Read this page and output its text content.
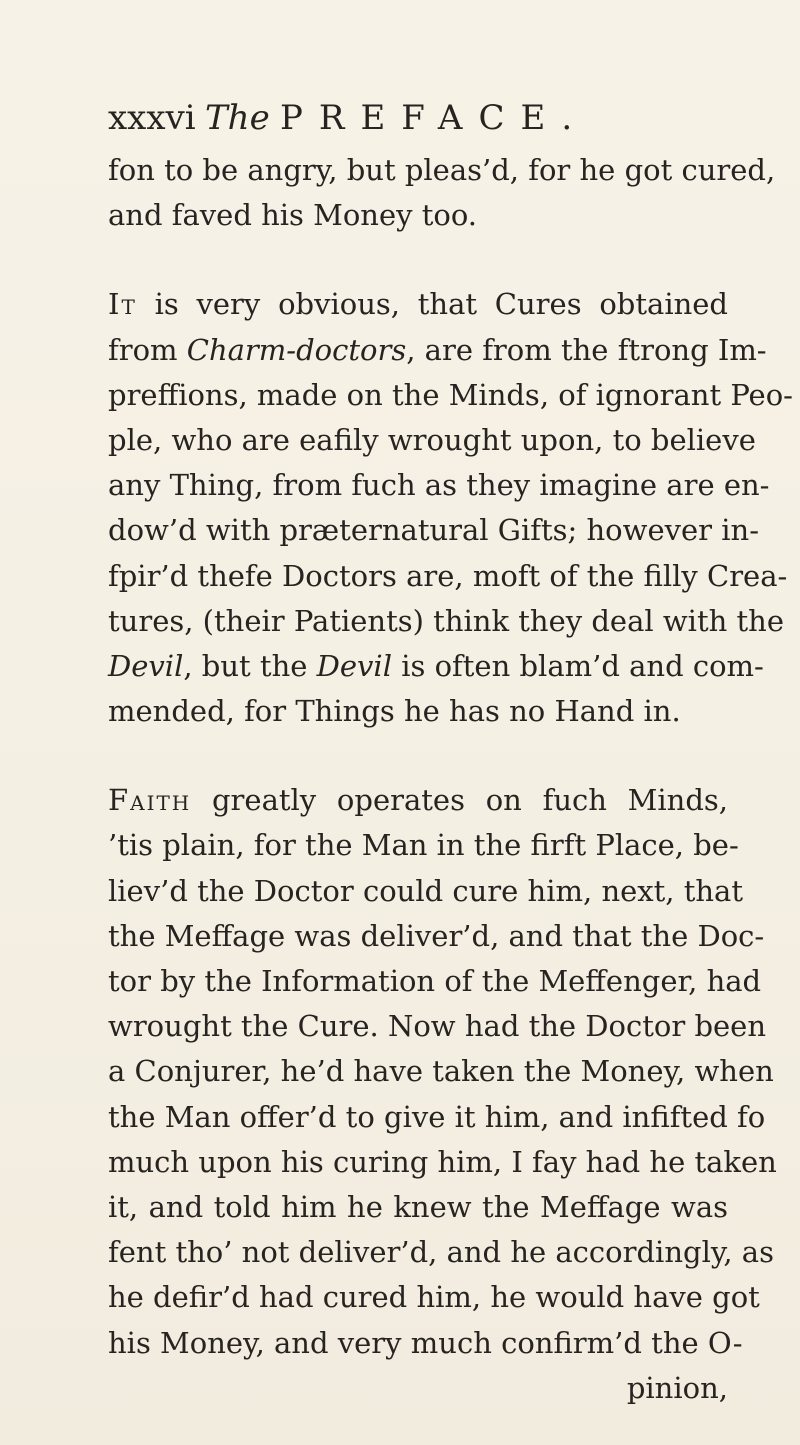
xxxvi The PREFACE.
fon to be angry, but pleas’d, for he got cured,
and faved his Money too.
It is very obvious, that Cures obtained
from Charm-doctors, are from the ftrong Im-
preffions, made on the Minds, of ignorant Peo-
ple, who are eafily wrought upon, to believe
any Thing, from fuch as they imagine are en-
dow’d with præternatural Gifts; however in-
fpir’d thefe Doctors are, moft of the filly Crea-
tures, (their Patients) think they deal with the
Devil, but the Devil is often blam’d and com-
mended, for Things he has no Hand in.
Faith greatly operates on fuch Minds,
’tis plain, for the Man in the firft Place, be-
liev’d the Doctor could cure him, next, that
the Meffage was deliver’d, and that the Doc-
tor by the Information of the Meffenger, had
wrought the Cure. Now had the Doctor been
a Conjurer, he’d have taken the Money, when
the Man offer’d to give it him, and infifted fo
much upon his curing him, I fay had he taken
it, and told him he knew the Meffage was
fent tho’ not deliver’d, and he accordingly, as
he defir’d had cured him, he would have got
his Money, and very much confirm’d the O-
pinion,
